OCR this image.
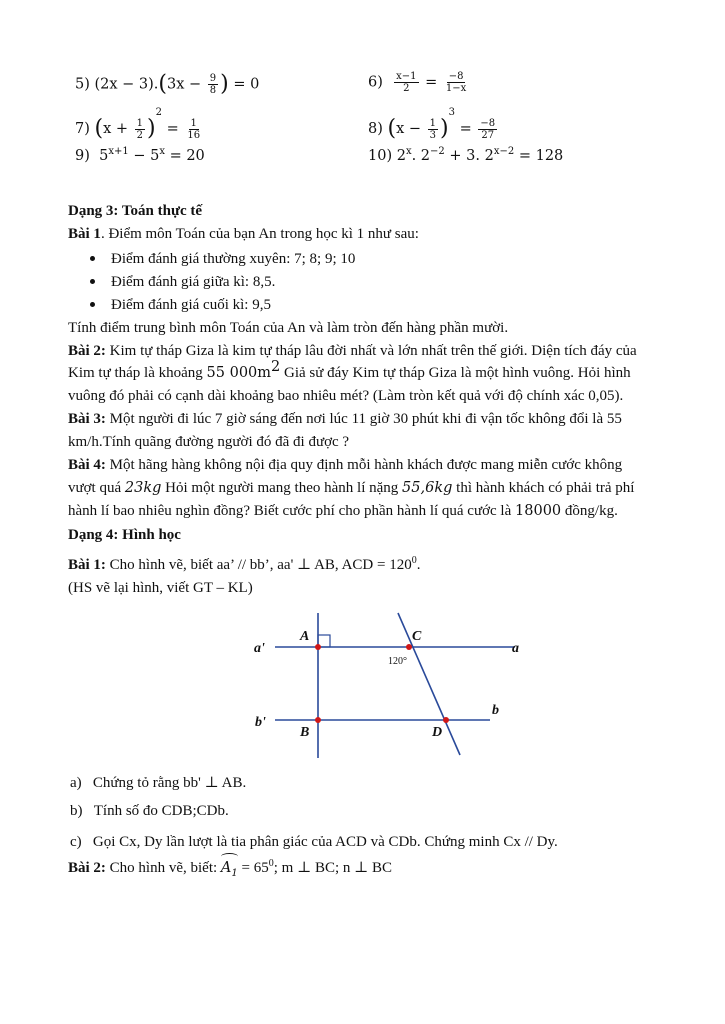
5) $(2x - 3).(3x - \frac{9}{8}$ ) = 0	$6) \frac{x-1}{2} = \frac{-8}{1-x}$
7) $(x + \frac{1}{2} )^2 = \frac{1}{16}$	8) $(x - \frac{1}{3} )^3 = \frac{-8}{27}$
9) $5^{x+1} - 5^x = 20$	10) 2$^x$. $2^{-2} + 3$. $2^{x-2} = 128$
Dạng 3: Toán thực tế
Bài 1. Điểm môn Toán của bạn An trong học kì 1 như sau:
Điểm đánh giá thường xuyên: 7; 8; 9; 10
Điểm đánh giá giữa kì: 8,5.
Điểm đánh giá cuối kì: 9,5
Tính điểm trung bình môn Toán của An và làm tròn đến hàng phần mười.
Bài 2: Kim tự tháp Giza là kim tự tháp lâu đời nhất và lớn nhất trên thế giới. Diện tích đáy của
Kim tự tháp là khoảng 55 $000m^2$ Giả sử đáy Kim tự tháp Giza là một hình vuông. Hỏi hình
vuông đó phải có cạnh dài khoảng bao nhiêu mét? (Làm tròn kết quả với độ chính xác 0,05).
Bài 3: Một người đi lúc 7 giờ sáng đến nơi lúc 11 giờ 30 phút khi đi vận tốc không đổi là 55
km/h.Tính quãng đường người đó đã đi được ?
Bài 4: Một hãng hàng không nội địa quy định mỗi hành khách được mang miễn cước không
vượt quá 23kg Hỏi một người mang theo hành lí nặng 55,6kg thì hành khách có phải trả phí
hành lí bao nhiêu nghìn đồng? Biết cước phí cho phần hành lí quá cước là 18000 đồng/kg.
Dạng 4: Hình học
Bài 1: Cho hình vẽ, biết aa’ // bb’, aa' ⊥ AB, ACD = $120^0$.
(HS vẽ lại hình, viết GT – KL)
a'	a
A	C
120°
b'
b
B	D
a) Chứng tỏ rằng bb' ⊥ AB.
b) Tính số đo CDB;CDb.
c) Gọi Cx, Dy lần lượt là tia phân giác của ACD và CDb. Chứng minh Cx // Dy.
Bài 2: Cho hình vẽ, biết: $A_1 = 65^0$; m ⊥ BC; n ⊥ BC
